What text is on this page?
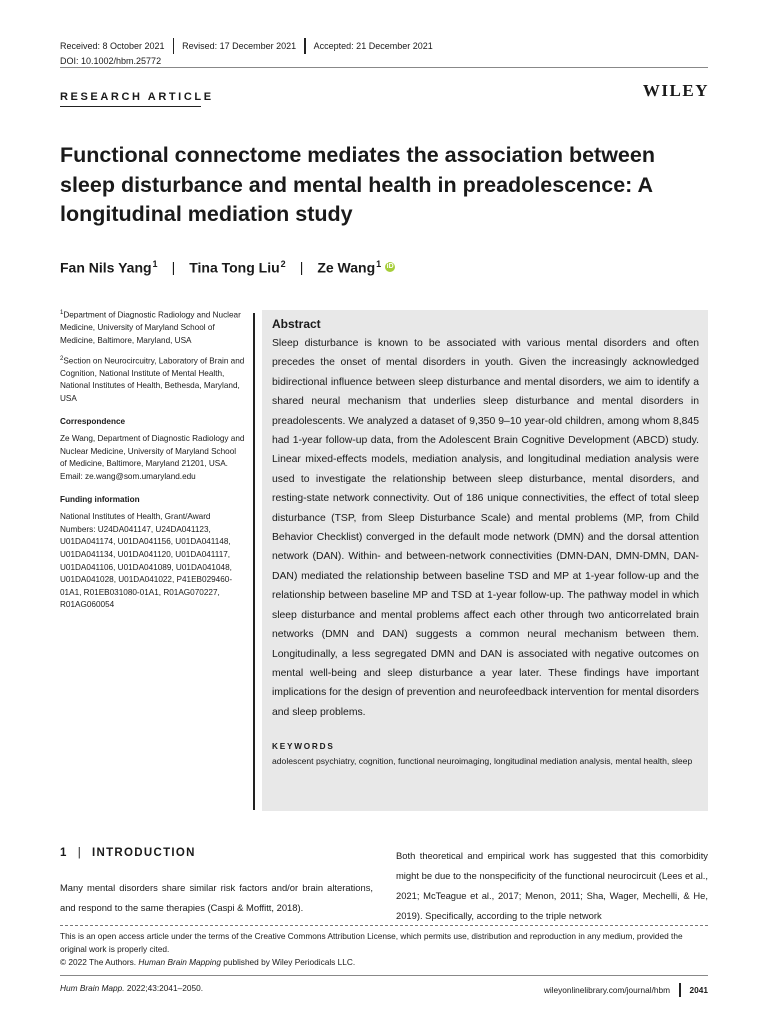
Received: 8 October 2021 Revised: 17 December 2021 Accepted: 21 December 2021
DOI: 10.1002/hbm.25772
RESEARCH ARTICLE	WILEY
Functional connectome mediates the association between sleep disturbance and mental health in preadolescence: A longitudinal mediation study
Fan Nils Yang$^1$ | Tina Tong Liu$^2$ | Ze Wang$^1$ iD

$^1$Department of Diagnostic Radiology and Nuclear Medicine, University of Maryland School of Medicine, Baltimore, Maryland, USA

$^2$Section on Neurocircuitry, Laboratory of Brain and Cognition, National Institute of Mental Health, National Institutes of Health, Bethesda, Maryland, USA

Correspondence

Ze Wang, Department of Diagnostic Radiology and Nuclear Medicine, University of Maryland School of Medicine, Baltimore, Maryland 21201, USA.

Email: ze.wang@som.umaryland.edu

Funding information

National Institutes of Health, Grant/Award Numbers: U24DA041147, U24DA041123, U01DA041174, U01DA041156, U01DA041148, U01DA041134, U01DA041120, U01DA041117, U01DA041106, U01DA041089, U01DA041048, U01DA041028, U01DA041022, P41EB029460-01A1, R01EB031080-01A1, R01AG070227, R01AG060054

Abstract

Sleep disturbance is known to be associated with various mental disorders and often precedes the onset of mental disorders in youth. Given the increasingly acknowledged bidirectional influence between sleep disturbance and mental disorders, we aim to identify a shared neural mechanism that underlies sleep disturbance and mental disorders in preadolescents. We analyzed a dataset of 9,350 9–10 year-old children, among whom 8,845 had 1-year follow-up data, from the Adolescent Brain Cognitive Development (ABCD) study. Linear mixed-effects models, mediation analysis, and longitudinal mediation analysis were used to investigate the relationship between sleep disturbance, mental disorders, and resting-state network connectivity. Out of 186 unique connectivities, the effect of total sleep disturbance (TSP, from Sleep Disturbance Scale) and mental problems (MP, from Child Behavior Checklist) converged in the default mode network (DMN) and the dorsal attention network (DAN). Within- and between-network connectivities (DMN-DAN, DMN-DMN, DAN-DAN) mediated the relationship between baseline TSD and MP at 1-year follow-up and the relationship between baseline MP and TSD at 1-year follow-up. The pathway model in which sleep disturbance and mental problems affect each other through two anticorrelated brain networks (DMN and DAN) suggests a common neural mechanism between them. Longitudinally, a less segregated DMN and DAN is associated with negative outcomes on mental well-being and sleep disturbance a year later. These findings have important implications for the design of prevention and neurofeedback intervention for mental disorders and sleep problems.

KEYWORDS

adolescent psychiatry, cognition, functional neuroimaging, longitudinal mediation analysis, mental health, sleep

1 | INTRODUCTION

Many mental disorders share similar risk factors and/or brain alterations, and respond to the same therapies (Caspi & Moffitt, 2018).

Both theoretical and empirical work has suggested that this comorbidity might be due to the nonspecificity of the functional neurocircuit (Lees et al., 2021; McTeague et al., 2017; Menon, 2011; Sha, Wager, Mechelli, & He, 2019). Specifically, according to the triple network

This is an open access article under the terms of the Creative Commons Attribution License, which permits use, distribution and reproduction in any medium, provided the original work is properly cited.
© 2022 The Authors. Human Brain Mapping published by Wiley Periodicals LLC.
Hum Brain Mapp. 2022;43:2041–2050.	wileyonlinelibrary.com/journal/hbm 2041
